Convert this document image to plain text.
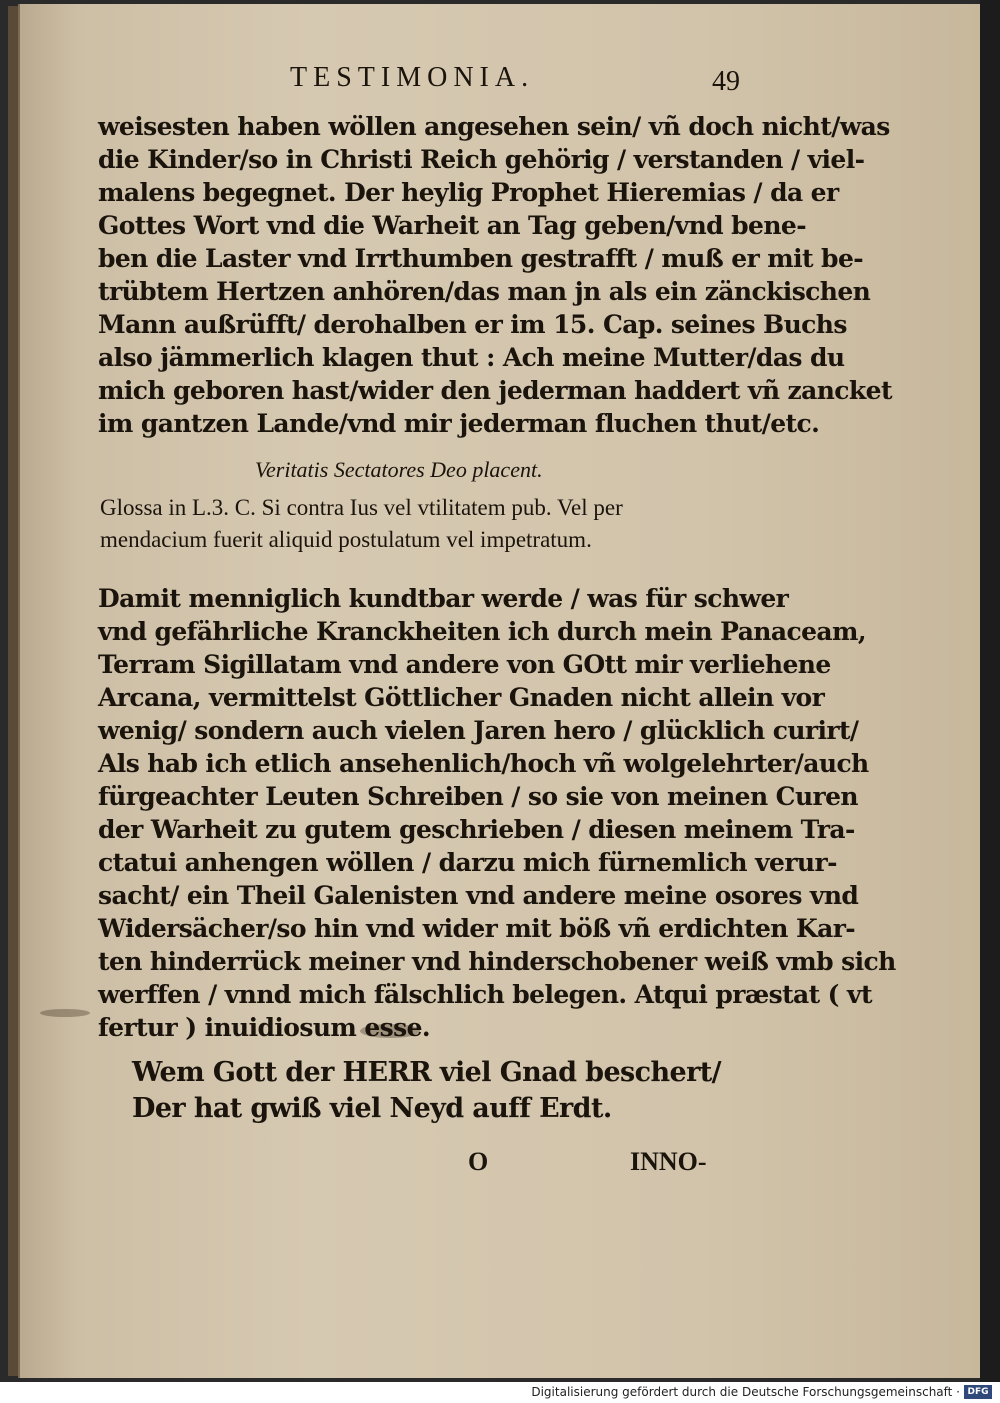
TESTIMONIA.	49
weisesten haben wöllen angesehen sein/ vñ doch nicht/was
die Kinder/so in Christi Reich gehörig / verstanden / viel-
malens begegnet. Der heylig Prophet Hieremias / da er
Gottes Wort vnd die Warheit an Tag geben/vnd bene-
ben die Laster vnd Irrthumben gestrafft / muß er mit be-
trübtem Hertzen anhören/das man jn als ein zänckischen
Mann außrüfft/ derohalben er im 15. Cap. seines Buchs
also jämmerlich klagen thut : Ach meine Mutter/das du
mich geboren hast/wider den jederman haddert vñ zancket
im gantzen Lande/vnd mir jederman fluchen thut/etc.
Veritatis Sectatores Deo placent.
Glossa in L.3. C. Si contra Ius vel vtilitatem pub. Vel per
mendacium fuerit aliquid postulatum vel impetratum.
Damit menniglich kundtbar werde / was für schwer
vnd gefährliche Kranckheiten ich durch mein Panaceam,
Terram Sigillatam vnd andere von GOtt mir verliehene
Arcana, vermittelst Göttlicher Gnaden nicht allein vor
wenig/ sondern auch vielen Jaren hero / glücklich curirt/
Als hab ich etlich ansehenlich/hoch vñ wolgelehrter/auch
fürgeachter Leuten Schreiben / so sie von meinen Curen
der Warheit zu gutem geschrieben / diesen meinem Tra-
ctatui anhengen wöllen / darzu mich fürnemlich verur-
sacht/ ein Theil Galenisten vnd andere meine osores vnd
Widersächer/so hin vnd wider mit böß vñ erdichten Kar-
ten hinderrück meiner vnd hinderschobener weiß vmb sich
werffen / vnnd mich fälschlich belegen. Atqui præstat ( vt
fertur ) inuidiosum esse.
Wem Gott der HERR viel Gnad beschert/
Der hat gwiß viel Neyd auff Erdt.
O	INNO-
Digitalisierung gefördert durch die Deutsche Forschungsgemeinschaft · DFG
